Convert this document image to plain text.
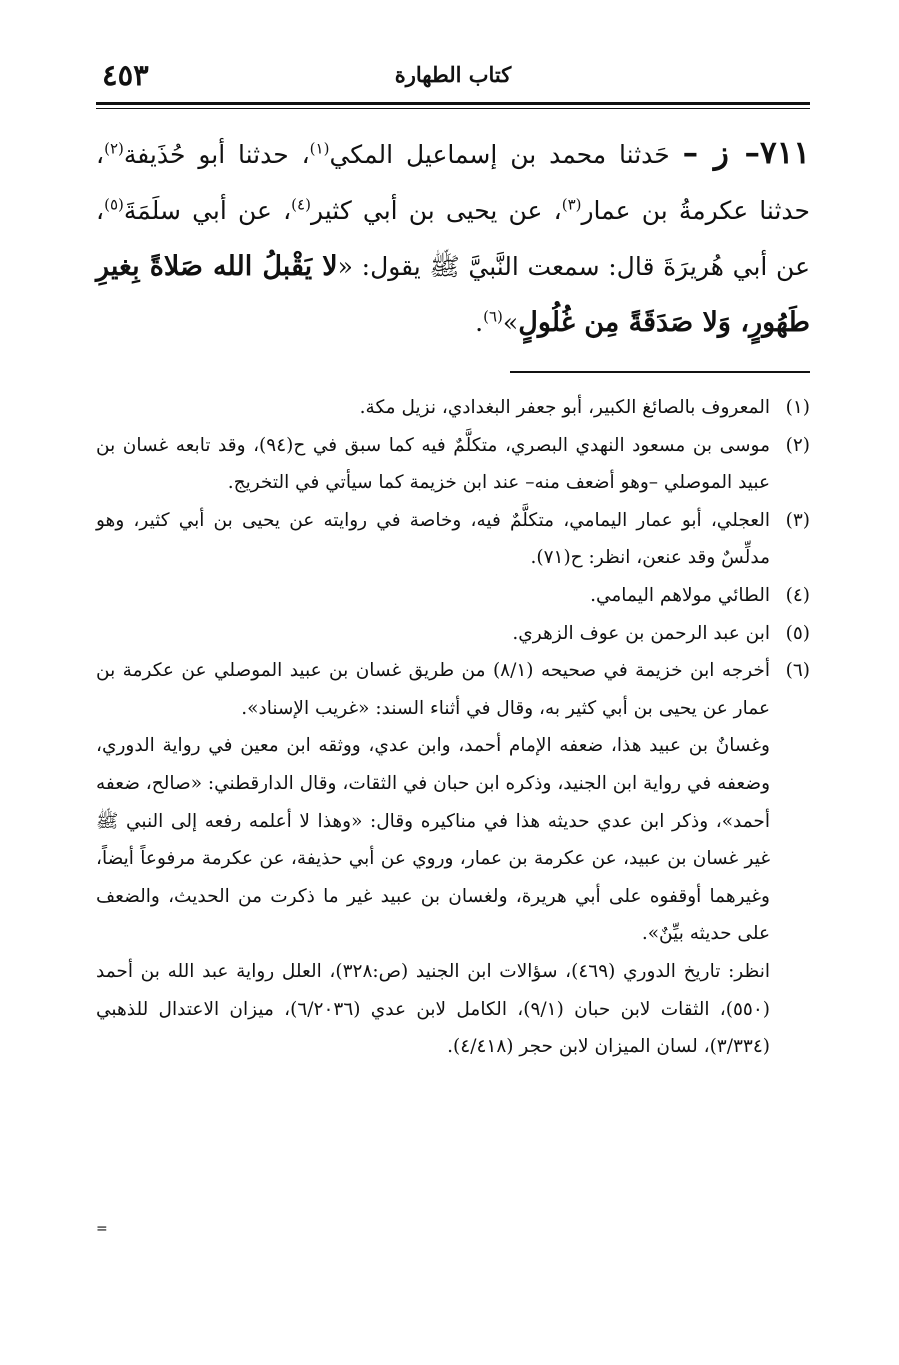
كتاب الطهارة
٤٥٣
٧١١– ز – حَدثنا محمد بن إسماعيل المكي$^{(١)}$، حدثنا أبو حُذَيفة$^{(٢)}$، حدثنا عكرمةُ بن عمار$^{(٣)}$، عن يحيى بن أبي كثير$^{(٤)}$، عن أبي سلَمَةَ$^{(٥)}$، عن أبي هُريرَةَ قال: سمعت النَّبيَّ ﷺ يقول: «لا يَقْبلُ الله صَلاةً بِغيرِ طَهُورٍ، وَلا صَدَقَةً مِن غُلُولٍ»$^{(٦)}$.
(١)
المعروف بالصائغ الكبير، أبو جعفر البغدادي، نزيل مكة.
(٢)
موسى بن مسعود النهدي البصري، متكلَّمٌ فيه كما سبق في ح(٩٤)، وقد تابعه غسان بن عبيد الموصلي –وهو أضعف منه– عند ابن خزيمة كما سيأتي في التخريج.
(٣)
العجلي، أبو عمار اليمامي، متكلَّمٌ فيه، وخاصة في روايته عن يحيى بن أبي كثير، وهو مدلِّسٌ وقد عنعن، انظر: ح(٧١).
(٤)
الطائي مولاهم اليمامي.
(٥)
ابن عبد الرحمن بن عوف الزهري.
(٦)
أخرجه ابن خزيمة في صحيحه (٨/١) من طريق غسان بن عبيد الموصلي عن عكرمة بن عمار عن يحيى بن أبي كثير به، وقال في أثناء السند: «غريب الإسناد».
وغسانٌ بن عبيد هذا، ضعفه الإمام أحمد، وابن عدي، ووثقه ابن معين في رواية الدوري، وضعفه في رواية ابن الجنيد، وذكره ابن حبان في الثقات، وقال الدارقطني: «صالح، ضعفه أحمد»، وذكر ابن عدي حديثه هذا في مناكيره وقال: «وهذا لا أعلمه رفعه إلى النبي ﷺ غير غسان بن عبيد، عن عكرمة بن عمار، وروي عن أبي حذيفة، عن عكرمة مرفوعاً أيضاً، وغيرهما أوقفوه على أبي هريرة، ولغسان بن عبيد غير ما ذكرت من الحديث، والضعف على حديثه بيِّنٌ».
انظر: تاريخ الدوري (٤٦٩)، سؤالات ابن الجنيد (ص:٣٢٨)، العلل رواية عبد الله بن أحمد (٥٥٠)، الثقات لابن حبان (٩/١)، الكامل لابن عدي (٦/٢٠٣٦)، ميزان الاعتدال للذهبي (٣/٣٣٤)، لسان الميزان لابن حجر (٤/٤١٨).
=
